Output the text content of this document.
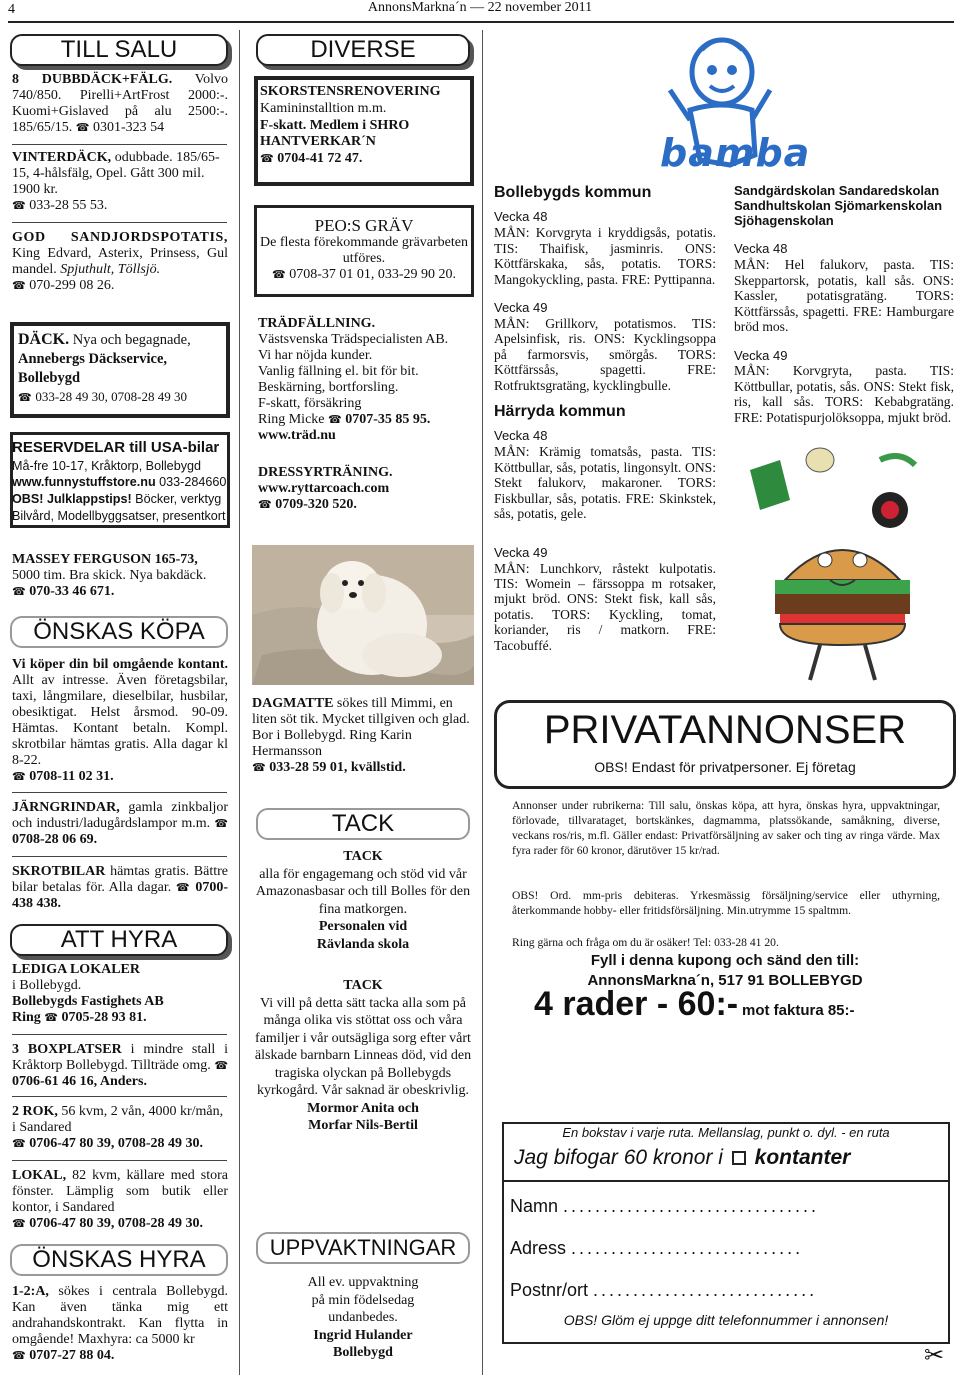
4	AnnonsMarkna´n — 22 november 2011
TILL SALU
8 DUBBDÄCK+FÄLG. Volvo 740/850. Pirelli+ArtFrost 2000:-. Kuomi+Gislaved på alu 2500:-. 185/65/15. ☎ 0301-323 54
VINTERDÄCK, odubbade. 185/65-15, 4-hålsfälg, Opel. Gått 300 mil. 1900 kr.
☎ 033-28 55 53.
GOD SANDJORDSPOTATIS, King Edvard, Asterix, Prinsess, Gul mandel. Spjuthult, Töllsjö.
☎ 070-299 08 26.
DÄCK. Nya och begagnade,
Annebergs Däckservice,
Bollebygd
☎ 033-28 49 30, 0708-28 49 30
RESERVDELAR till USA-bilar
Må-fre 10-17, Kråktorp, Bollebygd
www.funnystuffstore.nu 033-284660
OBS! Julklappstips! Böcker, verktyg
Bilvård, Modellbyggsatser, presentkort
MASSEY FERGUSON 165-73,
5000 tim. Bra skick. Nya bakdäck.
☎ 070-33 46 671.
ÖNSKAS KÖPA
Vi köper din bil omgående kontant. Allt av intresse. Även företagsbilar, taxi, långmilare, dieselbilar, husbilar, obesiktigat. Helst årsmod. 90-09. Hämtas. Kontant betaln. Kompl. skrotbilar hämtas gratis. Alla dagar kl 8-22.
☎ 0708-11 02 31.
JÄRNGRINDAR, gamla zinkbaljor och industri/ladugårdslampor m.m. ☎ 0708-28 06 69.
SKROTBILAR hämtas gratis. Bättre bilar betalas för. Alla dagar. ☎ 0700-438 438.
ATT HYRA
LEDIGA LOKALER
i Bollebygd.
Bollebygds Fastighets AB
Ring ☎ 0705-28 93 81.
3 BOXPLATSER i mindre stall i Kråktorp Bollebygd. Tillträde omg. ☎ 0706-61 46 16, Anders.
2 ROK, 56 kvm, 2 vån, 4000 kr/mån, i Sandared
☎ 0706-47 80 39, 0708-28 49 30.
LOKAL, 82 kvm, källare med stora fönster. Lämplig som butik eller kontor, i Sandared
☎ 0706-47 80 39, 0708-28 49 30.
ÖNSKAS HYRA
1-2:A, sökes i centrala Bollebygd. Kan även tänka mig ett andrahandskontrakt. Kan flytta in omgående! Maxhyra: ca 5000 kr
☎ 0707-27 88 04.
DIVERSE
SKORSTENSRENOVERING
Kamininstalltion m.m.
F-skatt. Medlem i SHRO
HANTVERKAR´N
☎ 0704-41 72 47.
PEO:S GRÄV
De flesta förekommande grävarbeten utföres.
☎ 0708-37 01 01, 033-29 90 20.
TRÄDFÄLLNING.
Västsvenska Trädspecialisten AB.
Vi har nöjda kunder.
Vanlig fällning el. bit för bit.
Beskärning, bortforsling.
F-skatt, försäkring
Ring Micke ☎ 0707-35 85 95.
www.träd.nu
DRESSYRTRÄNING.
www.ryttarcoach.com
☎ 0709-320 520.
DAGMATTE sökes till Mimmi, en liten söt tik. Mycket tillgiven och glad. Bor i Bollebygd. Ring Karin Hermansson
☎ 033-28 59 01, kvällstid.
TACK
TACK
alla för engagemang och stöd vid vår Amazonasbasar och till Bolles för den fina matkorgen.
Personalen vid
Rävlanda skola
TACK
Vi vill på detta sätt tacka alla som på många olika vis stöttat oss och våra familjer i vår outsägliga sorg efter vårt älskade barnbarn Linneas död, vid den tragiska olyckan på Bollebygds kyrkogård. Vår saknad är obeskrivlig.
Mormor Anita och
Morfar Nils-Bertil
UPPVAKTNINGAR
All ev. uppvaktning
på min födelsedag
undanbedes.
Ingrid Hulander
Bollebygd
bamba
Bollebygds kommun
Vecka 48
MÅN: Korvgryta i kryddigsås, potatis. TIS: Thaifisk, jasminris. ONS: Köttfärskaka, sås, potatis. TORS: Mangokyckling, pasta. FRE: Pyttipanna.
Vecka 49
MÅN: Grillkorv, potatismos. TIS: Apelsinfisk, ris. ONS: Kycklingsoppa på farmorsvis, smörgås. TORS: Köttfärssås, spagetti. FRE: Rotfruktsgratäng, kycklingbulle.
Härryda kommun
Vecka 48
MÅN: Krämig tomatsås, pasta. TIS: Köttbullar, sås, potatis, lingonsylt. ONS: Stekt falukorv, makaroner. TORS: Fiskbullar, sås, potatis. FRE: Skinkstek, sås, potatis, gele.
Vecka 49
MÅN: Lunchkorv, råstekt kulpotatis. TIS: Womein – färssoppa m rotsaker, mjukt bröd. ONS: Stekt fisk, kall sås, potatis. TORS: Kyckling, tomat, koriander, ris / matkorn. FRE: Tacobuffé.
Sandgärdskolan Sandaredskolan
Sandhultskolan Sjömarkenskolan
Sjöhagenskolan
Vecka 48
MÅN: Hel falukorv, pasta. TIS: Skeppartorsk, potatis, kall sås. ONS: Kassler, potatisgratäng. TORS: Köttfärssås, spagetti. FRE: Hamburgare bröd mos.
Vecka 49
MÅN: Korvgryta, pasta. TIS: Köttbullar, potatis, sås. ONS: Stekt fisk, ris, kall sås. TORS: Kebabgratäng. FRE: Potatispurjolöksoppa, mjukt bröd.
PRIVATANNONSER
OBS! Endast för privatpersoner. Ej företag
Annonser under rubrikerna: Till salu, önskas köpa, att hyra, önskas hyra, uppvaktningar, förlovade, tillvarataget, bortskänkes, dagmamma, platssökande, samåkning, diverse, veckans ros/ris, m.fl. Gäller endast: Privatförsäljning av saker och ting av ringa värde. Max fyra rader för 60 kronor, därutöver 15 kr/rad.
OBS! Ord. mm-pris debiteras. Yrkesmässig försäljning/service eller uthyrning, återkommande hobby- eller fritidsförsäljning. Min.utrymme 15 spaltmm.
Ring gärna och fråga om du är osäker! Tel: 033-28 41 20.
Fyll i denna kupong och sänd den till:
AnnonsMarkna´n, 517 91 BOLLEBYGD
4 rader - 60:- mot faktura 85:-
En bokstav i varje ruta. Mellanslag, punkt o. dyl. - en ruta
Jag bifogar 60 kronor i kontanter
Namn ................................
Adress .............................
Postnr/ort ............................
OBS! Glöm ej uppge ditt telefonnummer i annonsen!
✂
